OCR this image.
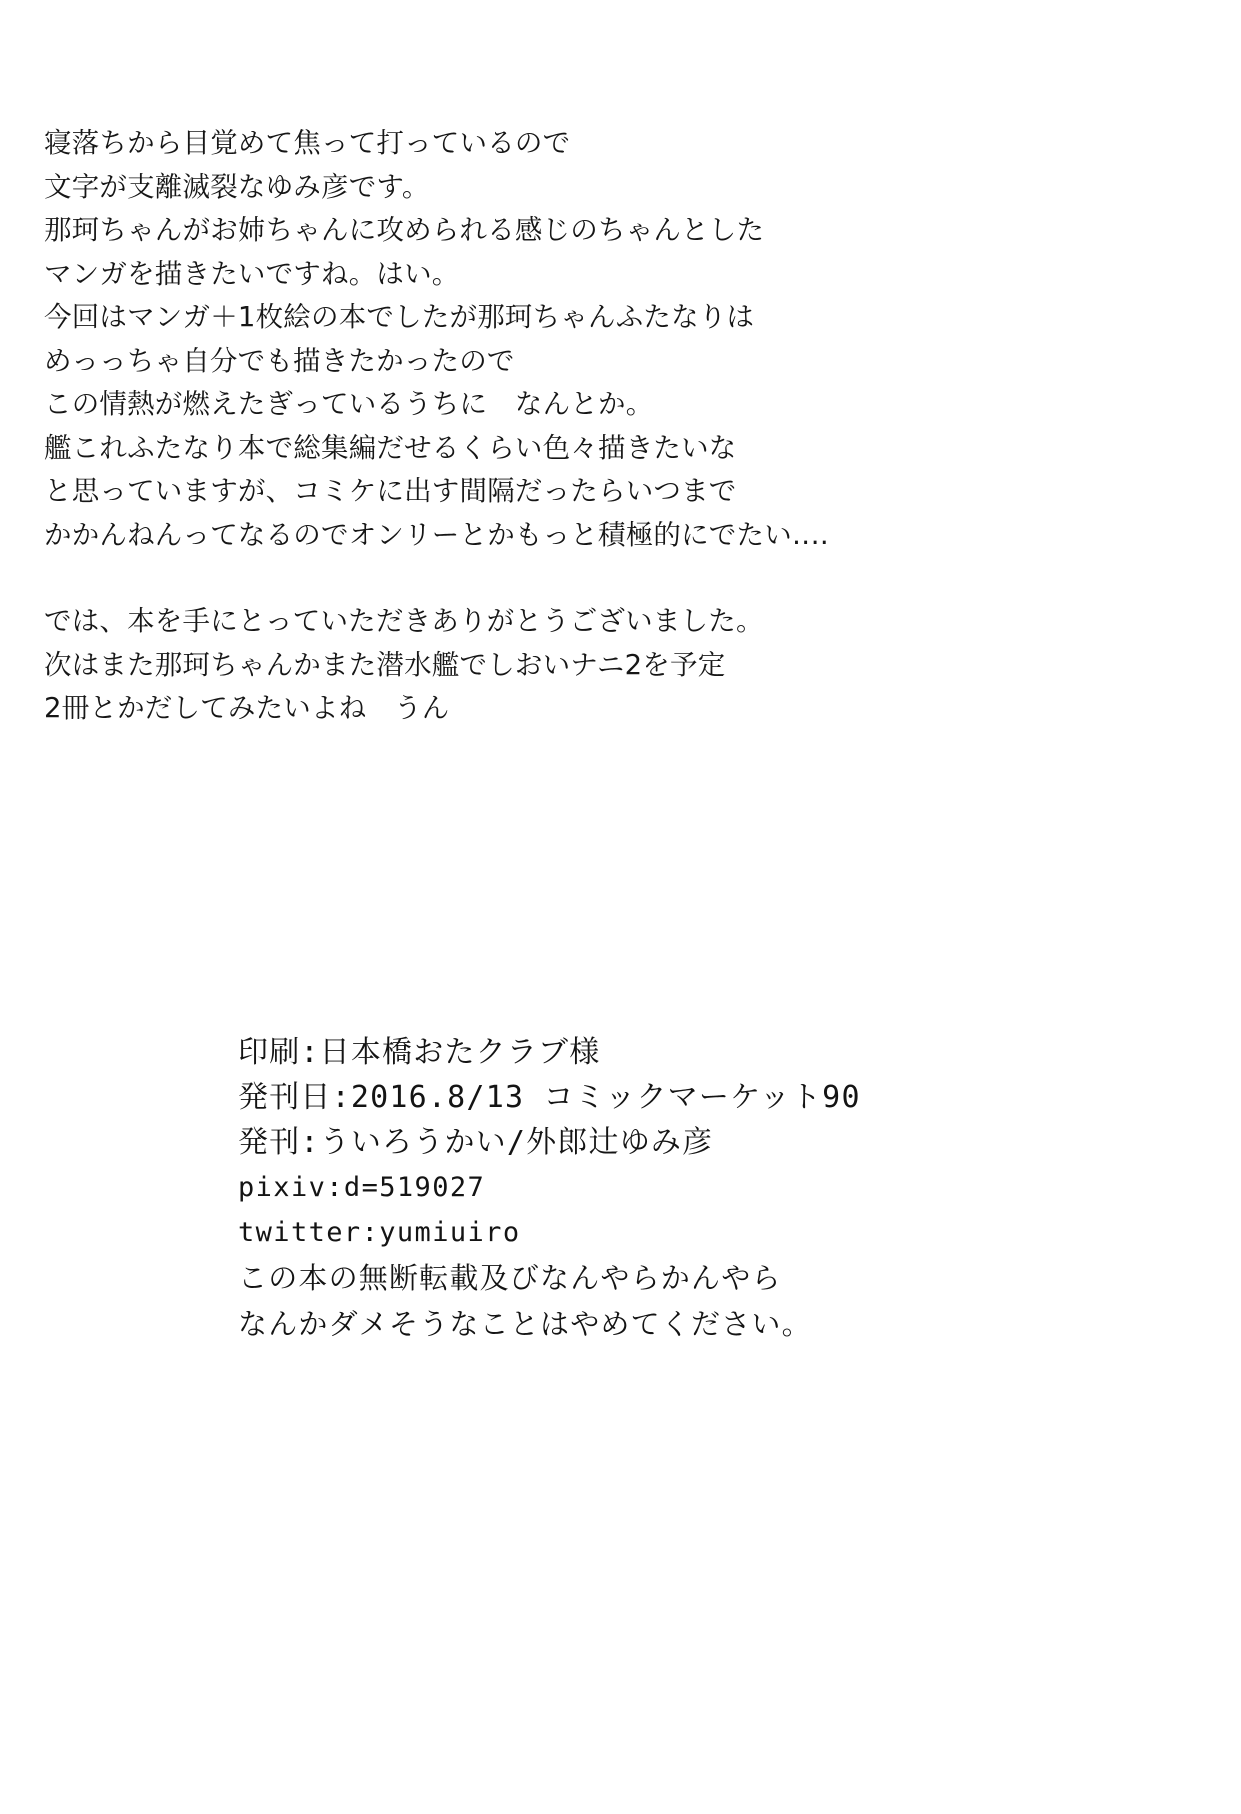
寝落ちから目覚めて焦って打っているので

文字が支離滅裂なゆみ彦です。

那珂ちゃんがお姉ちゃんに攻められる感じのちゃんとした

マンガを描きたいですね。はい。

今回はマンガ＋1枚絵の本でしたが那珂ちゃんふたなりは

めっっちゃ自分でも描きたかったので

この情熱が燃えたぎっているうちに　なんとか。

艦これふたなり本で総集編だせるくらい色々描きたいな

と思っていますが、コミケに出す間隔だったらいつまで

かかんねんってなるのでオンリーとかもっと積極的にでたい‥‥

では、本を手にとっていただきありがとうございました。

次はまた那珂ちゃんかまた潜水艦でしおいナニ2を予定

2冊とかだしてみたいよね　うん

印刷:日本橋おたクラブ様

発刊日:2016.8/13 コミックマーケット90

発刊:ういろうかい/外郎辻ゆみ彦

pixiv:d=519027

twitter:yumiuiro

この本の無断転載及びなんやらかんやら

なんかダメそうなことはやめてください。
